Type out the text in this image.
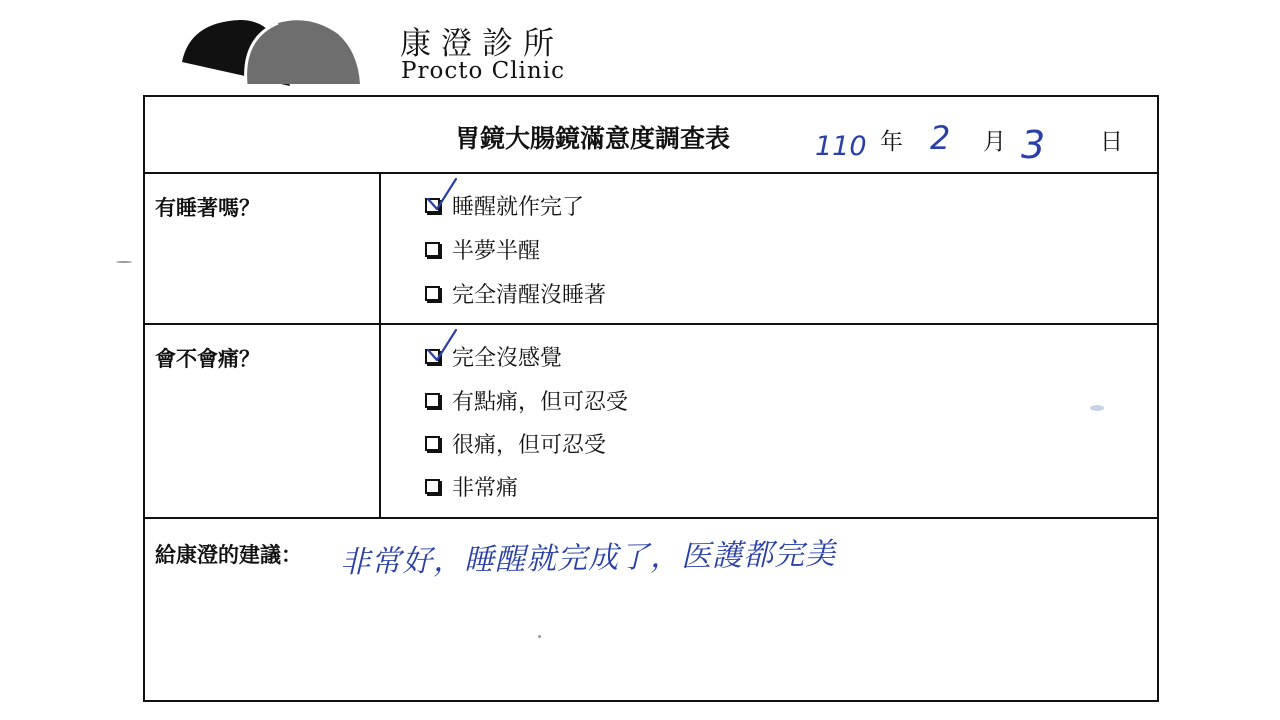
康澄診所
Procto Clinic
胃鏡大腸鏡滿意度調查表	110 年 2 月 3 日
有睡著嗎？	睡醒就作完了
半夢半醒
完全清醒沒睡著
會不會痛？	完全沒感覺
有點痛，但可忍受
很痛，但可忍受
非常痛
給康澄的建議： 非常好，睡醒就完成了，医護都完美
